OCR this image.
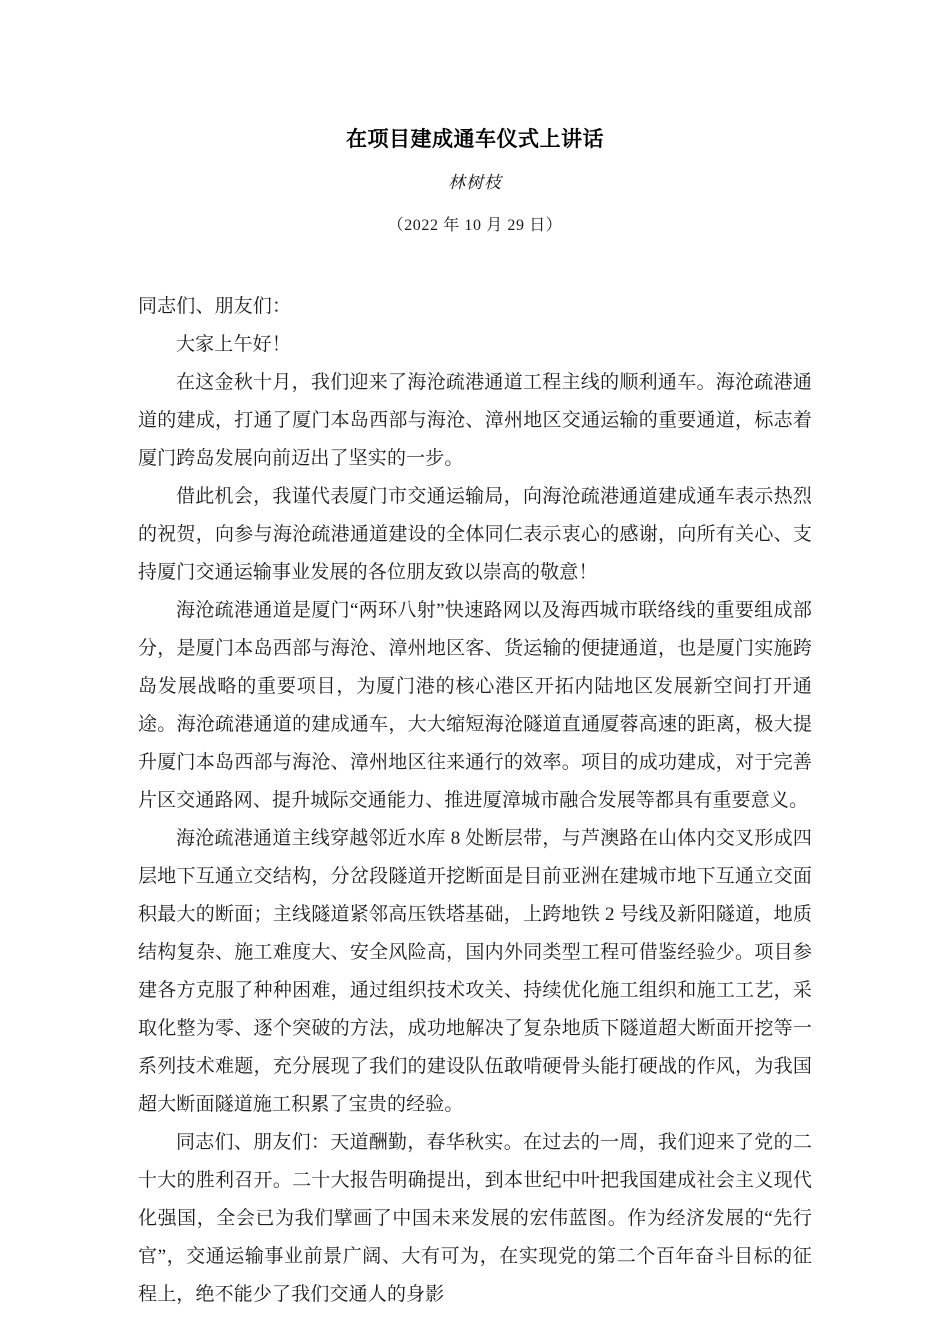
在项目建成通车仪式上讲话

林树枝

（2022 年 10 月 29 日）

同志们、朋友们：

大家上午好！

在这金秋十月，我们迎来了海沧疏港通道工程主线的顺利通车。海沧疏港通道的建成，打通了厦门本岛西部与海沧、漳州地区交通运输的重要通道，标志着厦门跨岛发展向前迈出了坚实的一步。

借此机会，我谨代表厦门市交通运输局，向海沧疏港通道建成通车表示热烈的祝贺，向参与海沧疏港通道建设的全体同仁表示衷心的感谢，向所有关心、支持厦门交通运输事业发展的各位朋友致以崇高的敬意！

海沧疏港通道是厦门“两环八射”快速路网以及海西城市联络线的重要组成部分，是厦门本岛西部与海沧、漳州地区客、货运输的便捷通道，也是厦门实施跨岛发展战略的重要项目，为厦门港的核心港区开拓内陆地区发展新空间打开通途。海沧疏港通道的建成通车，大大缩短海沧隧道直通厦蓉高速的距离，极大提升厦门本岛西部与海沧、漳州地区往来通行的效率。项目的成功建成，对于完善片区交通路网、提升城际交通能力、推进厦漳城市融合发展等都具有重要意义。

海沧疏港通道主线穿越邻近水库 8 处断层带，与芦澳路在山体内交叉形成四层地下互通立交结构，分岔段隧道开挖断面是目前亚洲在建城市地下互通立交面积最大的断面；主线隧道紧邻高压铁塔基础，上跨地铁 2 号线及新阳隧道，地质结构复杂、施工难度大、安全风险高，国内外同类型工程可借鉴经验少。项目参建各方克服了种种困难，通过组织技术攻关、持续优化施工组织和施工工艺，采取化整为零、逐个突破的方法，成功地解决了复杂地质下隧道超大断面开挖等一系列技术难题，充分展现了我们的建设队伍敢啃硬骨头能打硬战的作风，为我国超大断面隧道施工积累了宝贵的经验。

同志们、朋友们：天道酬勤，春华秋实。在过去的一周，我们迎来了党的二十大的胜利召开。二十大报告明确提出，到本世纪中叶把我国建成社会主义现代化强国，全会已为我们擘画了中国未来发展的宏伟蓝图。作为经济发展的“先行官”，交通运输事业前景广阔、大有可为，在实现党的第二个百年奋斗目标的征程上，绝不能少了我们交通人的身影
